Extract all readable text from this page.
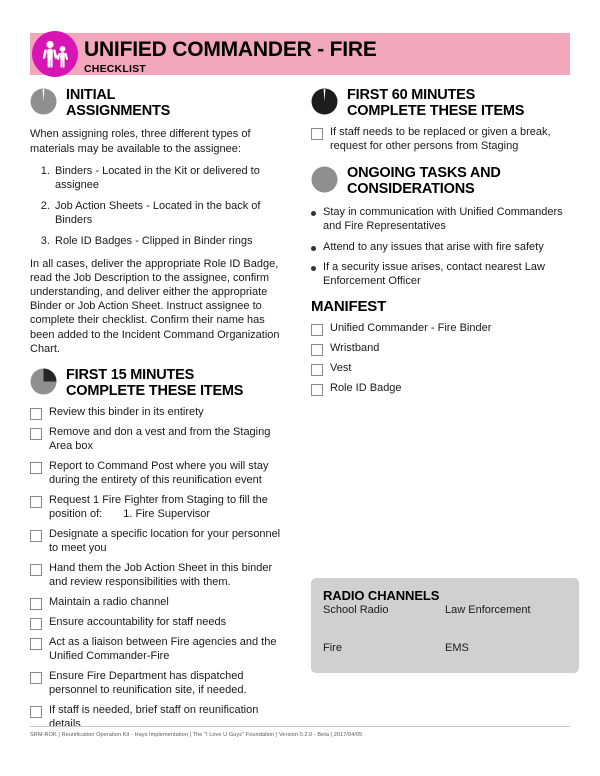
UNIFIED COMMANDER - FIRE
CHECKLIST
INITIAL
ASSIGNMENTS

When assigning roles, three different types of materials may be available to the assignee:

1. Binders - Located in the Kit or delivered to assignee
2. Job Action Sheets - Located in the back of Binders
3. Role ID Badges - Clipped in Binder rings

In all cases, deliver the appropriate Role ID Badge, read the Job Description to the assignee, confirm understanding, and deliver either the appropriate Binder or Job Action Sheet. Instruct assignee to complete their checklist. Confirm their name has been added to the Incident Command Organization Chart.

FIRST 15 MINUTES
COMPLETE THESE ITEMS
Review this binder in its entirety
Remove and don a vest and from the Staging Area box
Report to Command Post where you will stay during the entirety of this reunification event
Request 1 Fire Fighter from Staging to fill the position of: 1. Fire Supervisor
Designate a specific location for your personnel to meet you
Hand them the Job Action Sheet in this binder and review responsibilities with them.
Maintain a radio channel
Ensure accountability for staff needs
Act as a liaison between Fire agencies and the Unified Commander-Fire
Ensure Fire Department has dispatched personnel to reunification site, if needed.
If staff is needed, brief staff on reunification details
FIRST 60 MINUTES
COMPLETE THESE ITEMS
If staff needs to be replaced or given a break, request for other persons from Staging
ONGOING TASKS AND
CONSIDERATIONS
Stay in communication with Unified Commanders and Fire Representatives
Attend to any issues that arise with fire safety
If a security issue arises, contact nearest Law Enforcement Officer
MANIFEST
Unified Commander - Fire Binder
Wristband
Vest
Role ID Badge
RADIO CHANNELS
School Radio	Law Enforcement
Fire	EMS
SRM-ROK | Reunification Operation Kit - Hays Implementation | The "I Love U Guys" Foundation | Version 0.2.0 - Beta | 2017/04/05
